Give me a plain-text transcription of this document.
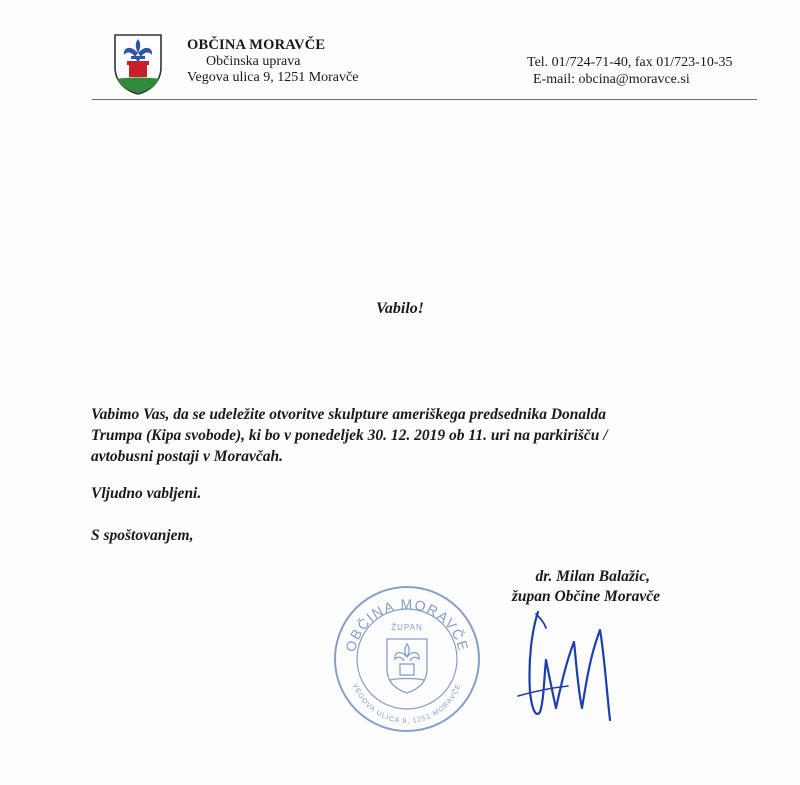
OBČINA MORAVČE
Občinska uprava
Vegova ulica 9, 1251 Moravče
Tel. 01/724-71-40, fax 01/723-10-35
E-mail: obcina@moravce.si
Vabilo!

Vabimo Vas, da se udeležite otvoritve skulpture ameriškega predsednika Donalda

Trumpa (Kipa svobode), ki bo v ponedeljek 30. 12. 2019 ob 11. uri na parkirišču /

avtobusni postaji v Moravčah.

Vljudno vabljeni.
S spoštovanjem,
OBČINA MORAVČE
ŽUPAN
VEGOVA ULICA 9, 1251 MORAVČE
dr. Milan Balažic,
župan Občine Moravče
